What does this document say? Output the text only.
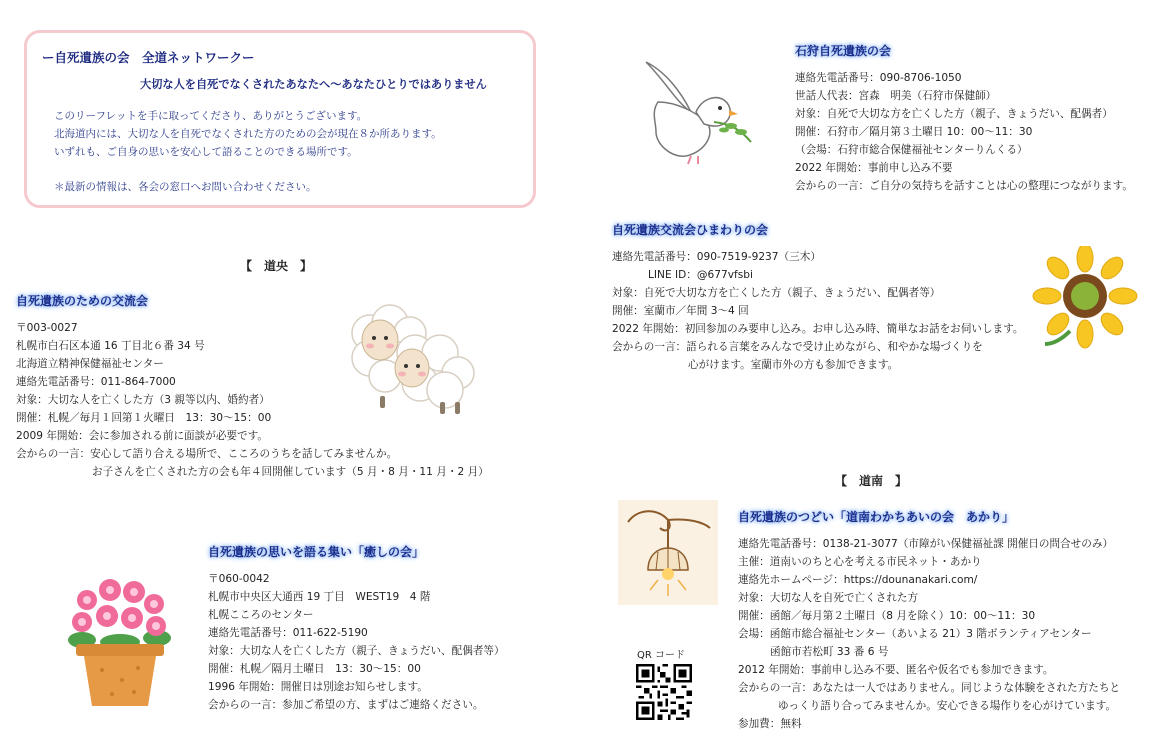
ー自死遺族の会　全道ネットワークー
大切な人を自死でなくされたあなたへ～あなたひとりではありません
このリーフレットを手に取ってくださり、ありがとうございます。
北海道内には、大切な人を自死でなくされた方のための会が現在８か所あります。
いずれも、ご自身の思いを安心して語ることのできる場所です。
＊最新の情報は、各会の窓口へお問い合わせください。
【　道央　】
【　道南　】
自死遺族のための交流会
〒003-0027
札幌市白石区本通 16 丁目北６番 34 号
北海道立精神保健福祉センター
連絡先電話番号：011-864-7000
対象：大切な人を亡くした方（3 親等以内、婚約者）
開催：札幌／毎月１回第１火曜日　13：30～15：00
2009 年開始：会に参加される前に面談が必要です。
会からの一言：安心して語り合える場所で、こころのうちを話してみませんか。
お子さんを亡くされた方の会も年４回開催しています（5 月・8 月・11 月・2 月）
自死遺族の思いを語る集い「癒しの会」
〒060-0042
札幌市中央区大通西 19 丁目　WEST19　4 階
札幌こころのセンター
連絡先電話番号：011-622-5190
対象：大切な人を亡くした方（親子、きょうだい、配偶者等）
開催：札幌／隔月土曜日　13：30～15：00
1996 年開始：開催日は別途お知らせします。
会からの一言：参加ご希望の方、まずはご連絡ください。
石狩自死遺族の会
連絡先電話番号：090-8706-1050
世話人代表：宮森　明美（石狩市保健師）
対象：自死で大切な方を亡くした方（親子、きょうだい、配偶者）
開催：石狩市／隔月第３土曜日 10：00～11：30
（会場：石狩市総合保健福祉センターりんくる）
2022 年開始：事前申し込み不要
会からの一言：ご自分の気持ちを話すことは心の整理につながります。
自死遺族交流会ひまわりの会
連絡先電話番号：090-7519-9237（三木）
LINE ID：@677vfsbi
対象：自死で大切な方を亡くした方（親子、きょうだい、配偶者等）
開催：室蘭市／年間 3～4 回
2022 年開始：初回参加のみ要申し込み。お申し込み時、簡単なお話をお伺いします。
会からの一言：語られる言葉をみんなで受け止めながら、和やかな場づくりを
心がけます。室蘭市外の方も参加できます。
自死遺族のつどい「道南わかちあいの会　あかり」
連絡先電話番号：0138-21-3077（市障がい保健福祉課 開催日の問合せのみ）
主催：道南いのちと心を考える市民ネット・あかり
連絡先ホームページ：https://dounanakari.com/
対象：大切な人を自死で亡くされた方
開催：函館／毎月第２土曜日（8 月を除く）10：00～11：30
会場：函館市総合福祉センター（あいよる 21）3 階ボランティアセンター
函館市若松町 33 番 6 号
2012 年開始：事前申し込み不要、匿名や仮名でも参加できます。
会からの一言：あなたは一人ではありません。同じような体験をされた方たちと
ゆっくり語り合ってみませんか。安心できる場作りを心がけています。
参加費：無料
QR コード
